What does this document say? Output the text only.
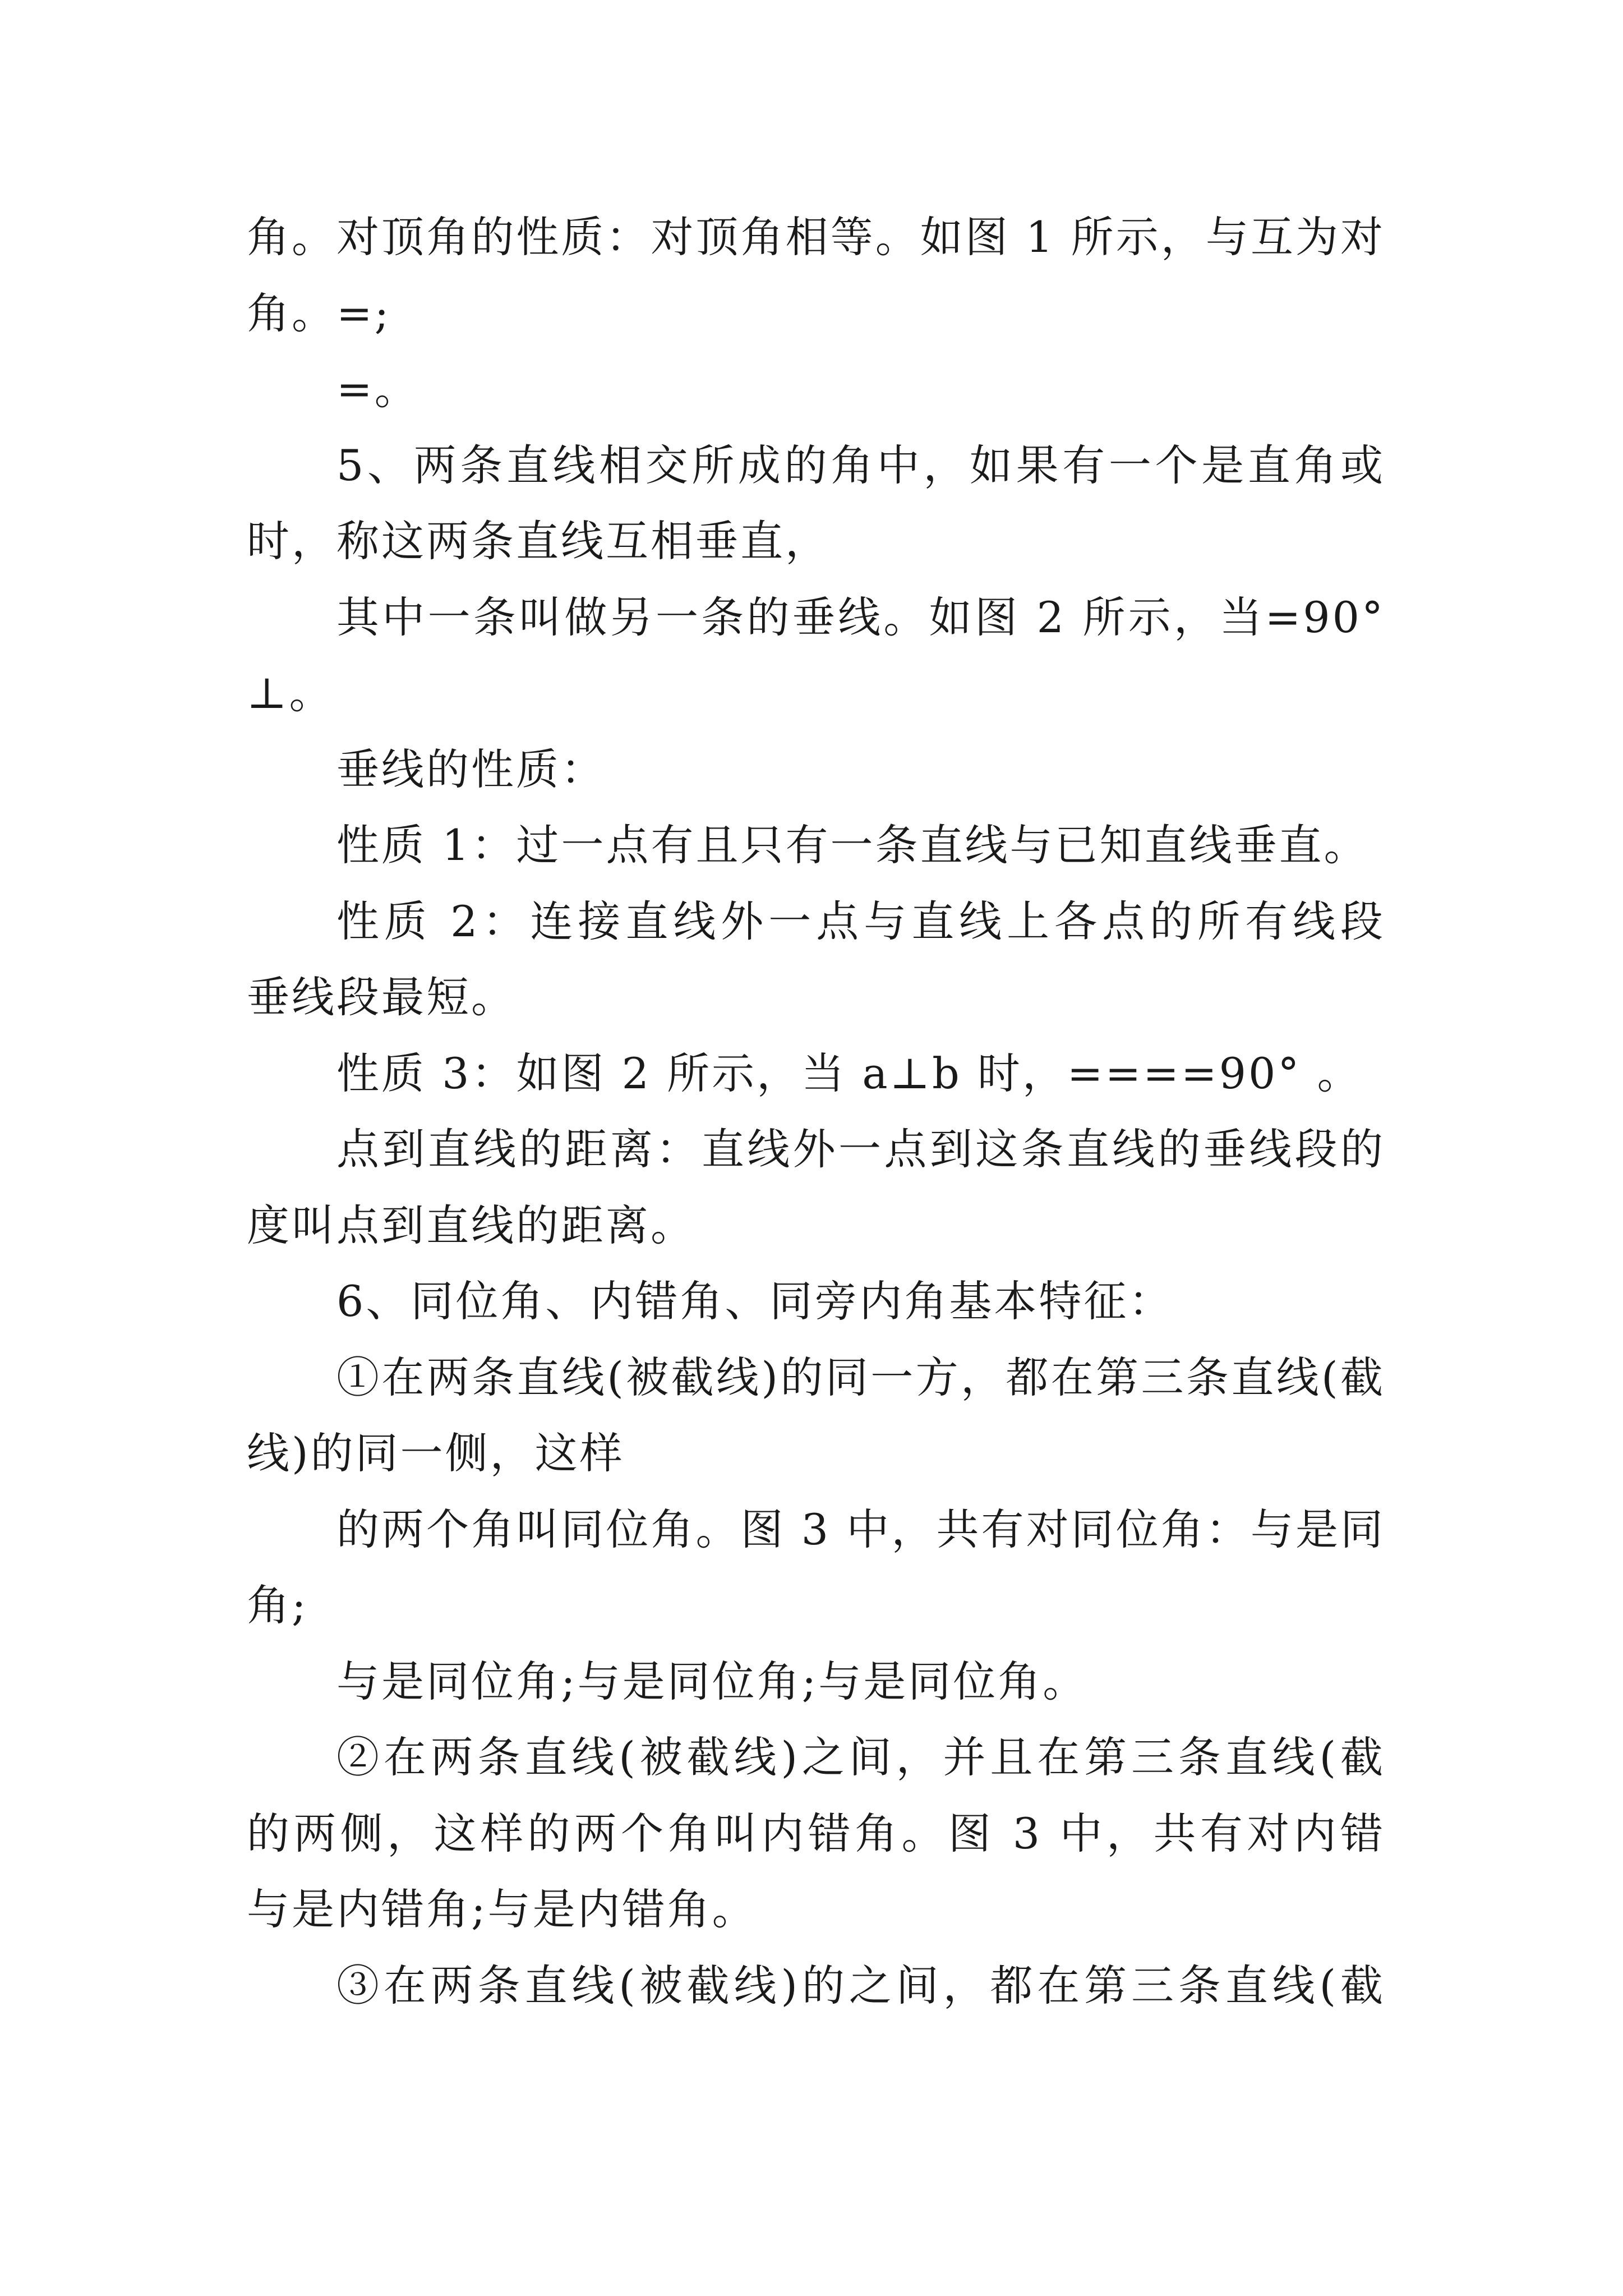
角。对顶角的性质：对顶角相等。如图 1 所示，与互为对
角。=;
=。
5、两条直线相交所成的角中，如果有一个是直角或
时，称这两条直线互相垂直，
其中一条叫做另一条的垂线。如图 2 所示，当=90°
⊥。
垂线的性质：
性质 1：过一点有且只有一条直线与已知直线垂直。
性质 2：连接直线外一点与直线上各点的所有线段
垂线段最短。
性质 3：如图 2 所示，当 a⊥b 时，====90° 。
点到直线的距离：直线外一点到这条直线的垂线段的
度叫点到直线的距离。
6、同位角、内错角、同旁内角基本特征：
①在两条直线(被截线)的同一方，都在第三条直线(截
线)的同一侧，这样
的两个角叫同位角。图 3 中，共有对同位角：与是同
角;
与是同位角;与是同位角;与是同位角。
②在两条直线(被截线)之间，并且在第三条直线(截
的两侧，这样的两个角叫内错角。图 3 中，共有对内错
与是内错角;与是内错角。
③在两条直线(被截线)的之间，都在第三条直线(截
